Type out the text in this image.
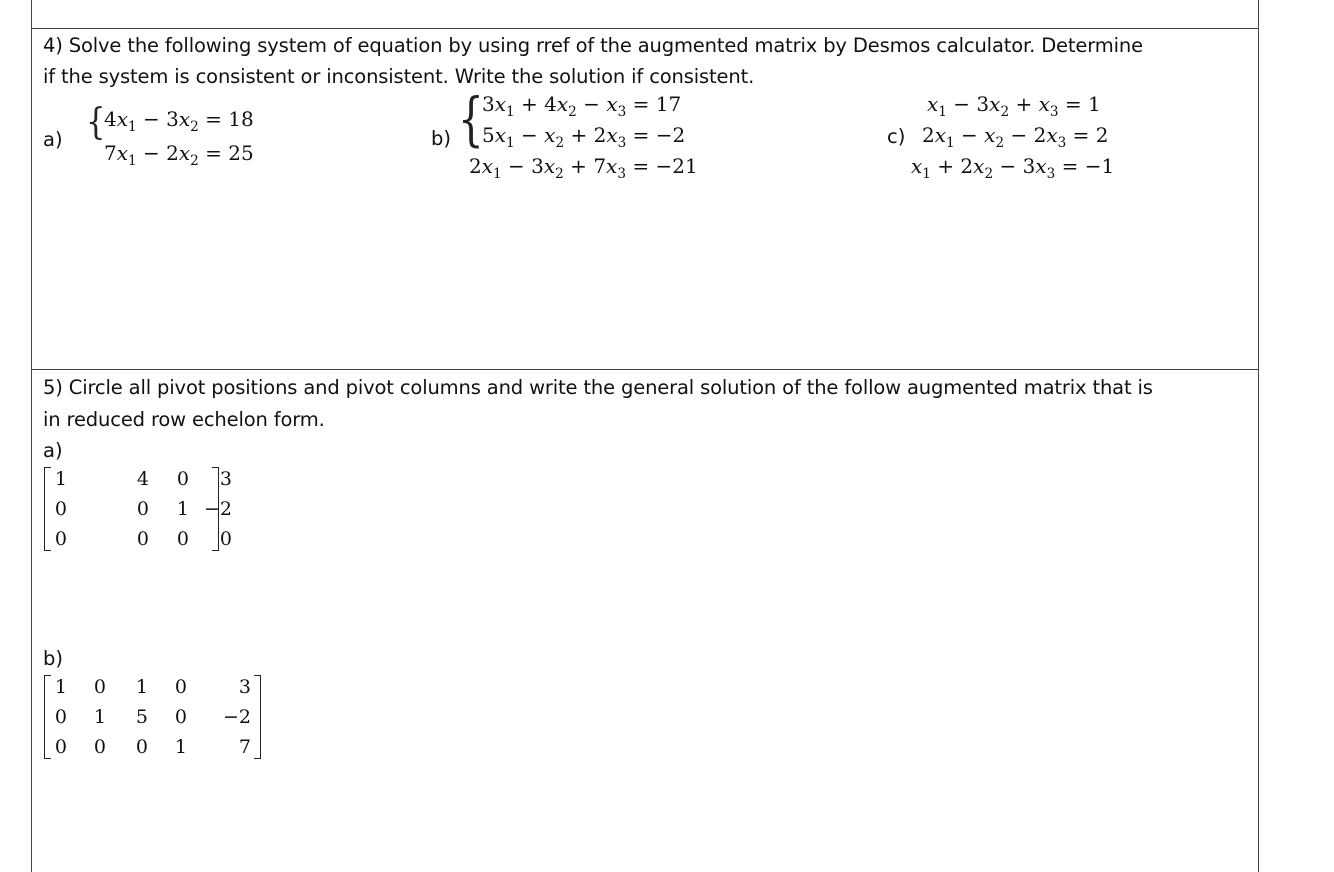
4) Solve the following system of equation by using rref of the augmented matrix by Desmos calculator. Determine
if the system is consistent or inconsistent. Write the solution if consistent.
a) {
$4x_1 - 3x_2 = 18$
$7x_1 - 2x_2 = 25$
b) {
$3x_1 + 4x_2 - x_3 = 17$
$5x_1 - x_2 + 2x_3 = -2$
$2x_1 - 3x_2 + 7x_3 = -21$
c)
$x_1 - 3x_2 + x_3 = 1$
$2x_1 - x_2 - 2x_3 = 2$
$x_1 + 2x_2 - 3x_3 = -1$
5) Circle all pivot positions and pivot columns and write the general solution of the follow augmented matrix that is
in reduced row echelon form.
a)
1	4 0	3
0	0 1 −2
0	0 0	0
b)
1 0 1 0	3
0 1 5 0	−2
0 0 0 1	7
